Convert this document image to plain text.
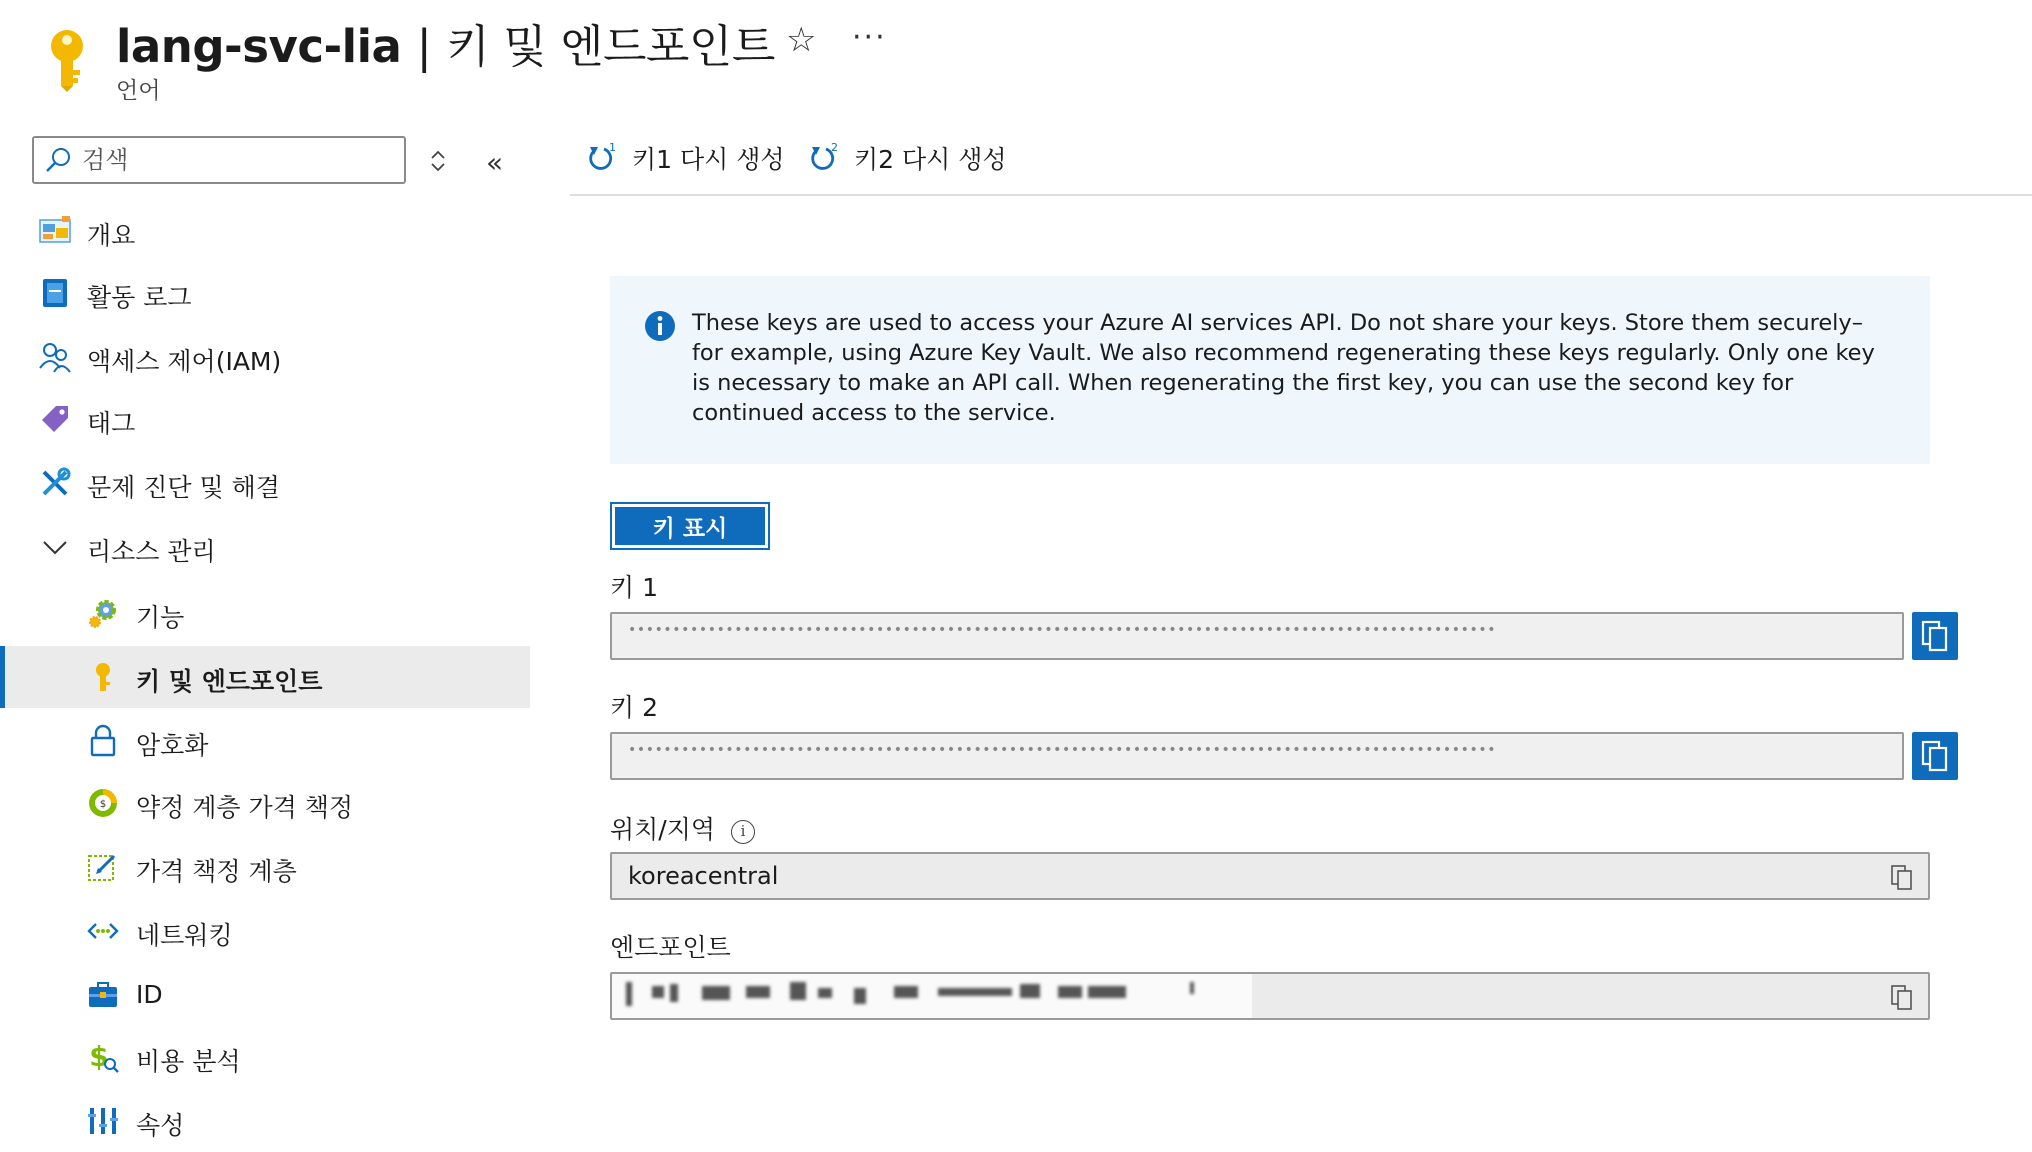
lang-svc-lia | 키 및 엔드포인트
언어
☆ ···
검색
«
개요
활동 로그
액세스 제어(IAM)
태그
문제 진단 및 해결
리소스 관리
기능
키 및 엔드포인트
암호화
$ 약정 계층 가격 책정
가격 책정 계층
네트워킹
ID
$ 비용 분석
속성
1 키1 다시 생성	2 키2 다시 생성

These keys are used to access your Azure AI services API. Do not share your keys. Store them securely– for example, using Azure Key Vault. We also recommend regenerating these keys regularly. Only one key is necessary to make an API call. When regenerating the first key, you can use the second key for continued access to the service.

키 표시
키 1
••••••••••••••••••••••••••••••••••••••••••••••••••••••••••••••••••••••••••••••••••••••••••••••••••
키 2
••••••••••••••••••••••••••••••••••••••••••••••••••••••••••••••••••••••••••••••••••••••••••••••••••
위치/지역 i
koreacentral
엔드포인트
